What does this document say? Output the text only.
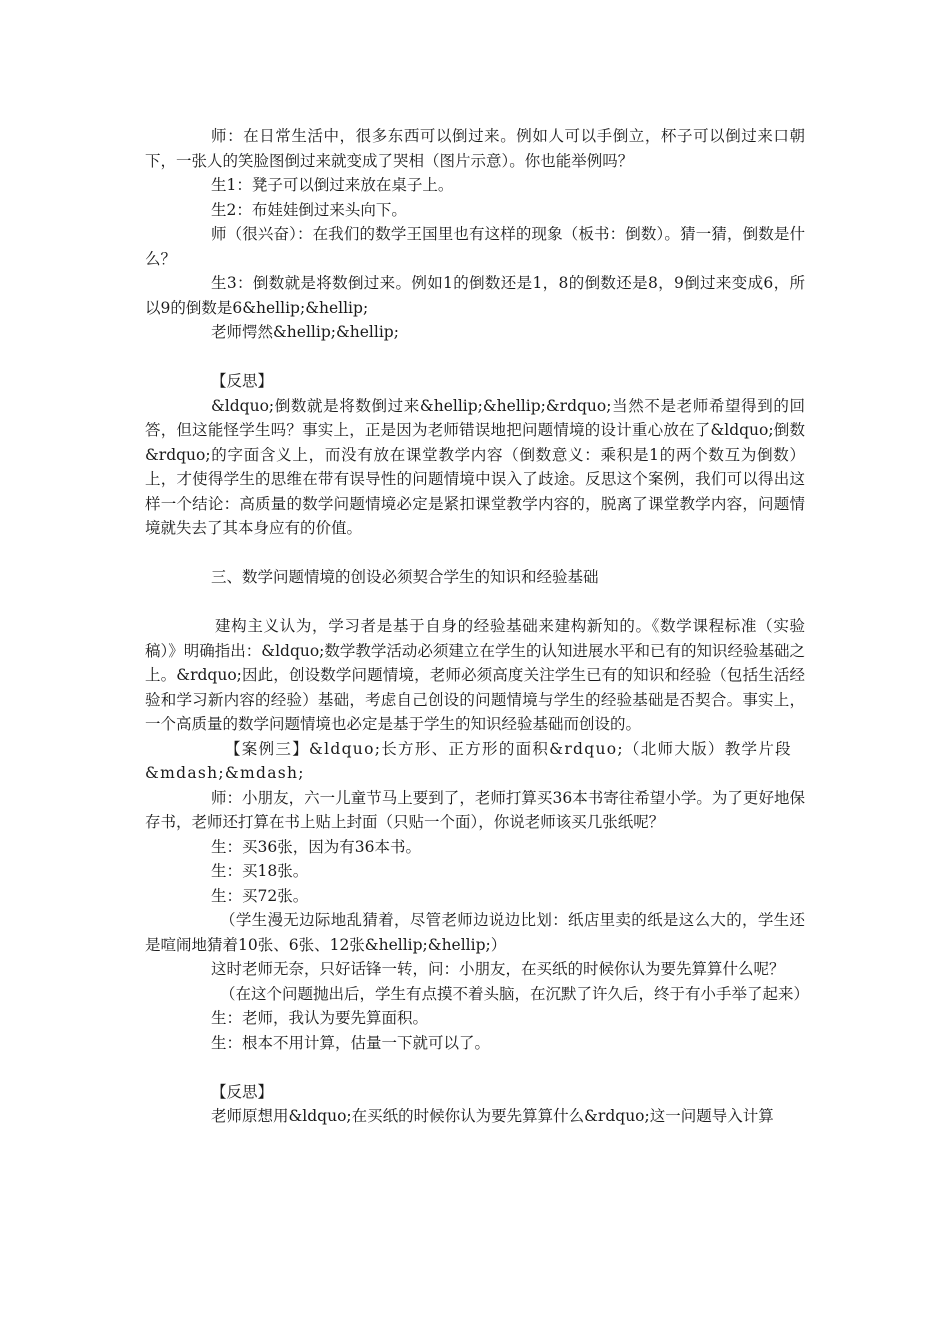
师：在日常生活中，很多东西可以倒过来。例如人可以手倒立，杯子可以倒过来口朝下，一张人的笑脸图倒过来就变成了哭相（图片示意）。你也能举例吗？

生1：凳子可以倒过来放在桌子上。

生2：布娃娃倒过来头向下。

师（很兴奋）：在我们的数学王国里也有这样的现象（板书：倒数）。猜一猜，倒数是什么？

生3：倒数就是将数倒过来。例如1的倒数还是1，8的倒数还是8，9倒过来变成6，所以9的倒数是6&hellip;&hellip;

老师愕然&hellip;&hellip;

【反思】

&ldquo;倒数就是将数倒过来&hellip;&hellip;&rdquo;当然不是老师希望得到的回答，但这能怪学生吗？事实上，正是因为老师错误地把问题情境的设计重心放在了&ldquo;倒数&rdquo;的字面含义上，而没有放在课堂教学内容（倒数意义：乘积是1的两个数互为倒数）上，才使得学生的思维在带有误导性的问题情境中误入了歧途。反思这个案例，我们可以得出这样一个结论：高质量的数学问题情境必定是紧扣课堂教学内容的，脱离了课堂教学内容，问题情境就失去了其本身应有的价值。

三、数学问题情境的创设必须契合学生的知识和经验基础

建构主义认为，学习者是基于自身的经验基础来建构新知的。《数学课程标准（实验稿）》明确指出：&ldquo;数学教学活动必须建立在学生的认知进展水平和已有的知识经验基础之上。&rdquo;因此，创设数学问题情境，老师必须高度关注学生已有的知识和经验（包括生活经验和学习新内容的经验）基础，考虑自己创设的问题情境与学生的经验基础是否契合。事实上，一个高质量的数学问题情境也必定是基于学生的知识经验基础而创设的。

【案例三】&ldquo;长方形、正方形的面积&rdquo;（北师大版）教学片段&mdash;&mdash;

师：小朋友，六一儿童节马上要到了，老师打算买36本书寄往希望小学。为了更好地保存书，老师还打算在书上贴上封面（只贴一个面），你说老师该买几张纸呢？

生：买36张，因为有36本书。

生：买18张。

生：买72张。

（学生漫无边际地乱猜着，尽管老师边说边比划：纸店里卖的纸是这么大的，学生还是喧闹地猜着10张、6张、12张&hellip;&hellip;）

这时老师无奈，只好话锋一转，问：小朋友，在买纸的时候你认为要先算算什么呢？

（在这个问题抛出后，学生有点摸不着头脑，在沉默了许久后，终于有小手举了起来）

生：老师，我认为要先算面积。

生：根本不用计算，估量一下就可以了。

【反思】

老师原想用&ldquo;在买纸的时候你认为要先算算什么&rdquo;这一问题导入计算
